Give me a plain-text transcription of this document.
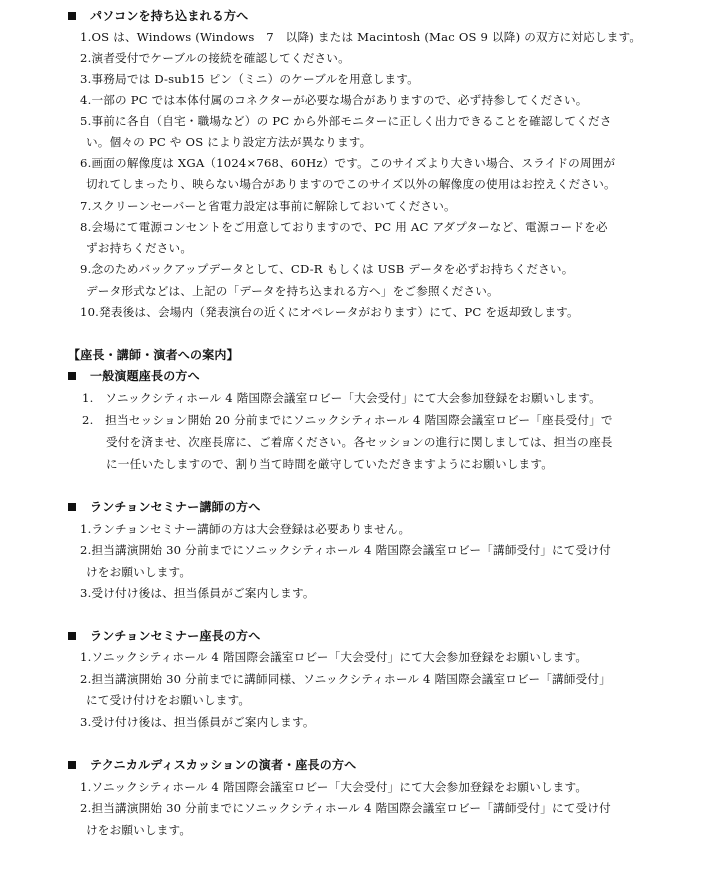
パソコンを持ち込まれる方へ
1.OS は、Windows (Windows　7　以降) または Macintosh (Mac OS 9 以降) の双方に対応します。
2.演者受付でケーブルの接続を確認してください。
3.事務局では D-sub15 ピン（ミニ）のケーブルを用意します。
4.一部の PC では本体付属のコネクターが必要な場合がありますので、必ず持参してください。
5.事前に各自（自宅・職場など）の PC から外部モニターに正しく出力できることを確認してくださ
い。個々の PC や OS により設定方法が異なります。
6.画面の解像度は XGA（1024×768、60Hz）です。このサイズより大きい場合、スライドの周囲が
切れてしまったり、映らない場合がありますのでこのサイズ以外の解像度の使用はお控えください。
7.スクリーンセーバーと省電力設定は事前に解除しておいてください。
8.会場にて電源コンセントをご用意しておりますので、PC 用 AC アダプターなど、電源コードを必
ずお持ちください。
9.念のためバックアップデータとして、CD-R もしくは USB データを必ずお持ちください。
データ形式などは、上記の「データを持ち込まれる方へ」をご参照ください。
10.発表後は、会場内（発表演台の近くにオペレータがおります）にて、PC を返却致します。
【座長・講師・演者への案内】
一般演題座長の方へ
1.　ソニックシティホール 4 階国際会議室ロビー「大会受付」にて大会参加登録をお願いします。
2.　担当セッション開始 20 分前までにソニックシティホール 4 階国際会議室ロビー「座長受付」で
受付を済ませ、次座長席に、ご着席ください。各セッションの進行に関しましては、担当の座長
に一任いたしますので、割り当て時間を厳守していただきますようにお願いします。
ランチョンセミナー講師の方へ
1.ランチョンセミナー講師の方は大会登録は必要ありません。
2.担当講演開始 30 分前までにソニックシティホール 4 階国際会議室ロビー「講師受付」にて受け付
けをお願いします。
3.受け付け後は、担当係員がご案内します。
ランチョンセミナー座長の方へ
1.ソニックシティホール 4 階国際会議室ロビー「大会受付」にて大会参加登録をお願いします。
2.担当講演開始 30 分前までに講師同様、ソニックシティホール 4 階国際会議室ロビー「講師受付」
にて受け付けをお願いします。
3.受け付け後は、担当係員がご案内します。
テクニカルディスカッションの演者・座長の方へ
1.ソニックシティホール 4 階国際会議室ロビー「大会受付」にて大会参加登録をお願いします。
2.担当講演開始 30 分前までにソニックシティホール 4 階国際会議室ロビー「講師受付」にて受け付
けをお願いします。
